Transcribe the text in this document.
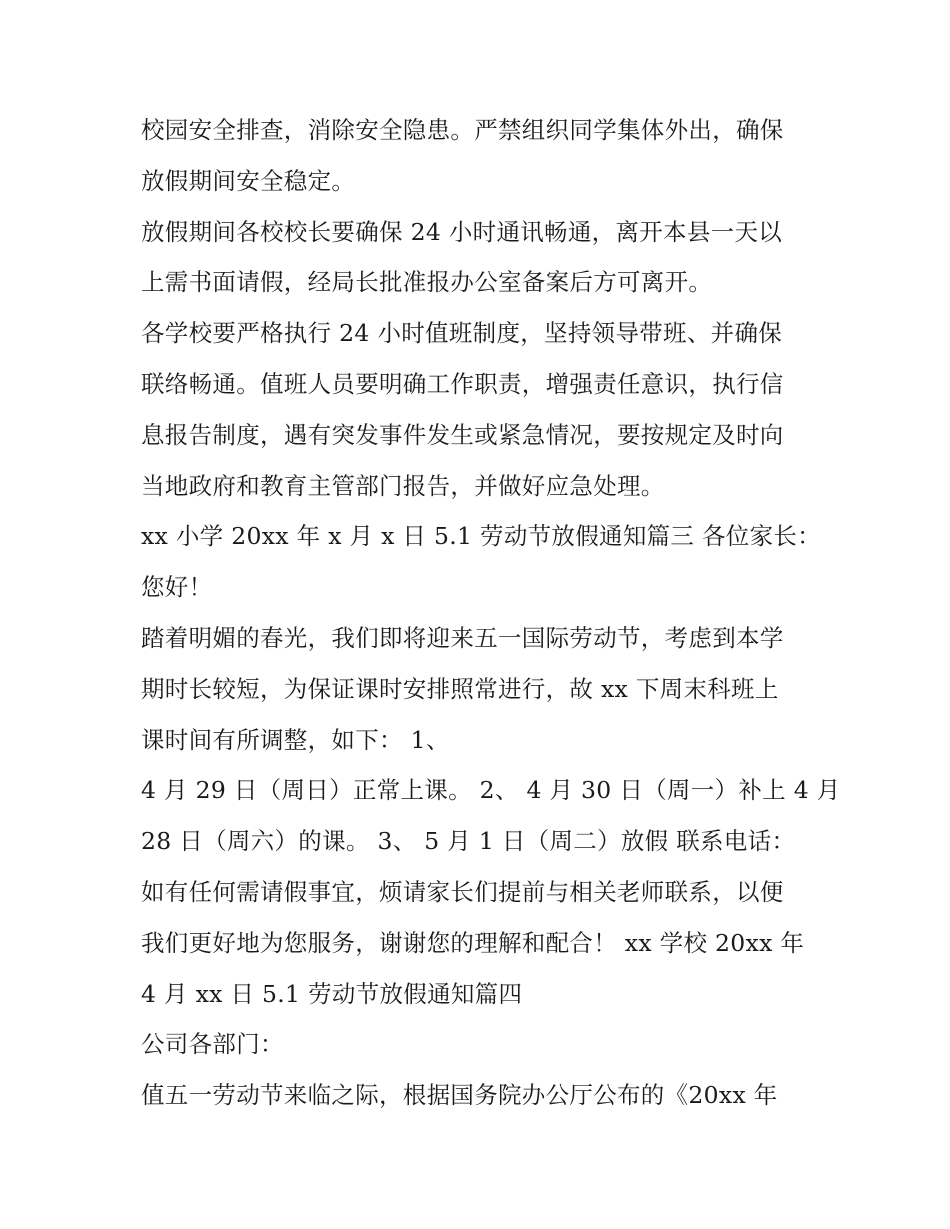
校园安全排查，消除安全隐患。严禁组织同学集体外出，确保
放假期间安全稳定。
放假期间各校校长要确保 24 小时通讯畅通，离开本县一天以
上需书面请假，经局长批准报办公室备案后方可离开。
各学校要严格执行 24 小时值班制度，坚持领导带班、并确保
联络畅通。值班人员要明确工作职责，增强责任意识，执行信
息报告制度，遇有突发事件发生或紧急情况，要按规定及时向
当地政府和教育主管部门报告，并做好应急处理。
xx 小学 20xx 年 x 月 x 日 5.1 劳动节放假通知篇三 各位家长：
您好！
踏着明媚的春光，我们即将迎来五一国际劳动节，考虑到本学
期时长较短，为保证课时安排照常进行，故 xx 下周末科班上
课时间有所调整，如下： 1、
4 月 29 日（周日）正常上课。 2、 4 月 30 日（周一）补上 4 月
28 日（周六）的课。 3、 5 月 1 日（周二）放假 联系电话：
如有任何需请假事宜，烦请家长们提前与相关老师联系，以便
我们更好地为您服务，谢谢您的理解和配合！ xx 学校 20xx 年
4 月 xx 日 5.1 劳动节放假通知篇四
公司各部门：
值五一劳动节来临之际，根据国务院办公厅公布的《20xx 年
